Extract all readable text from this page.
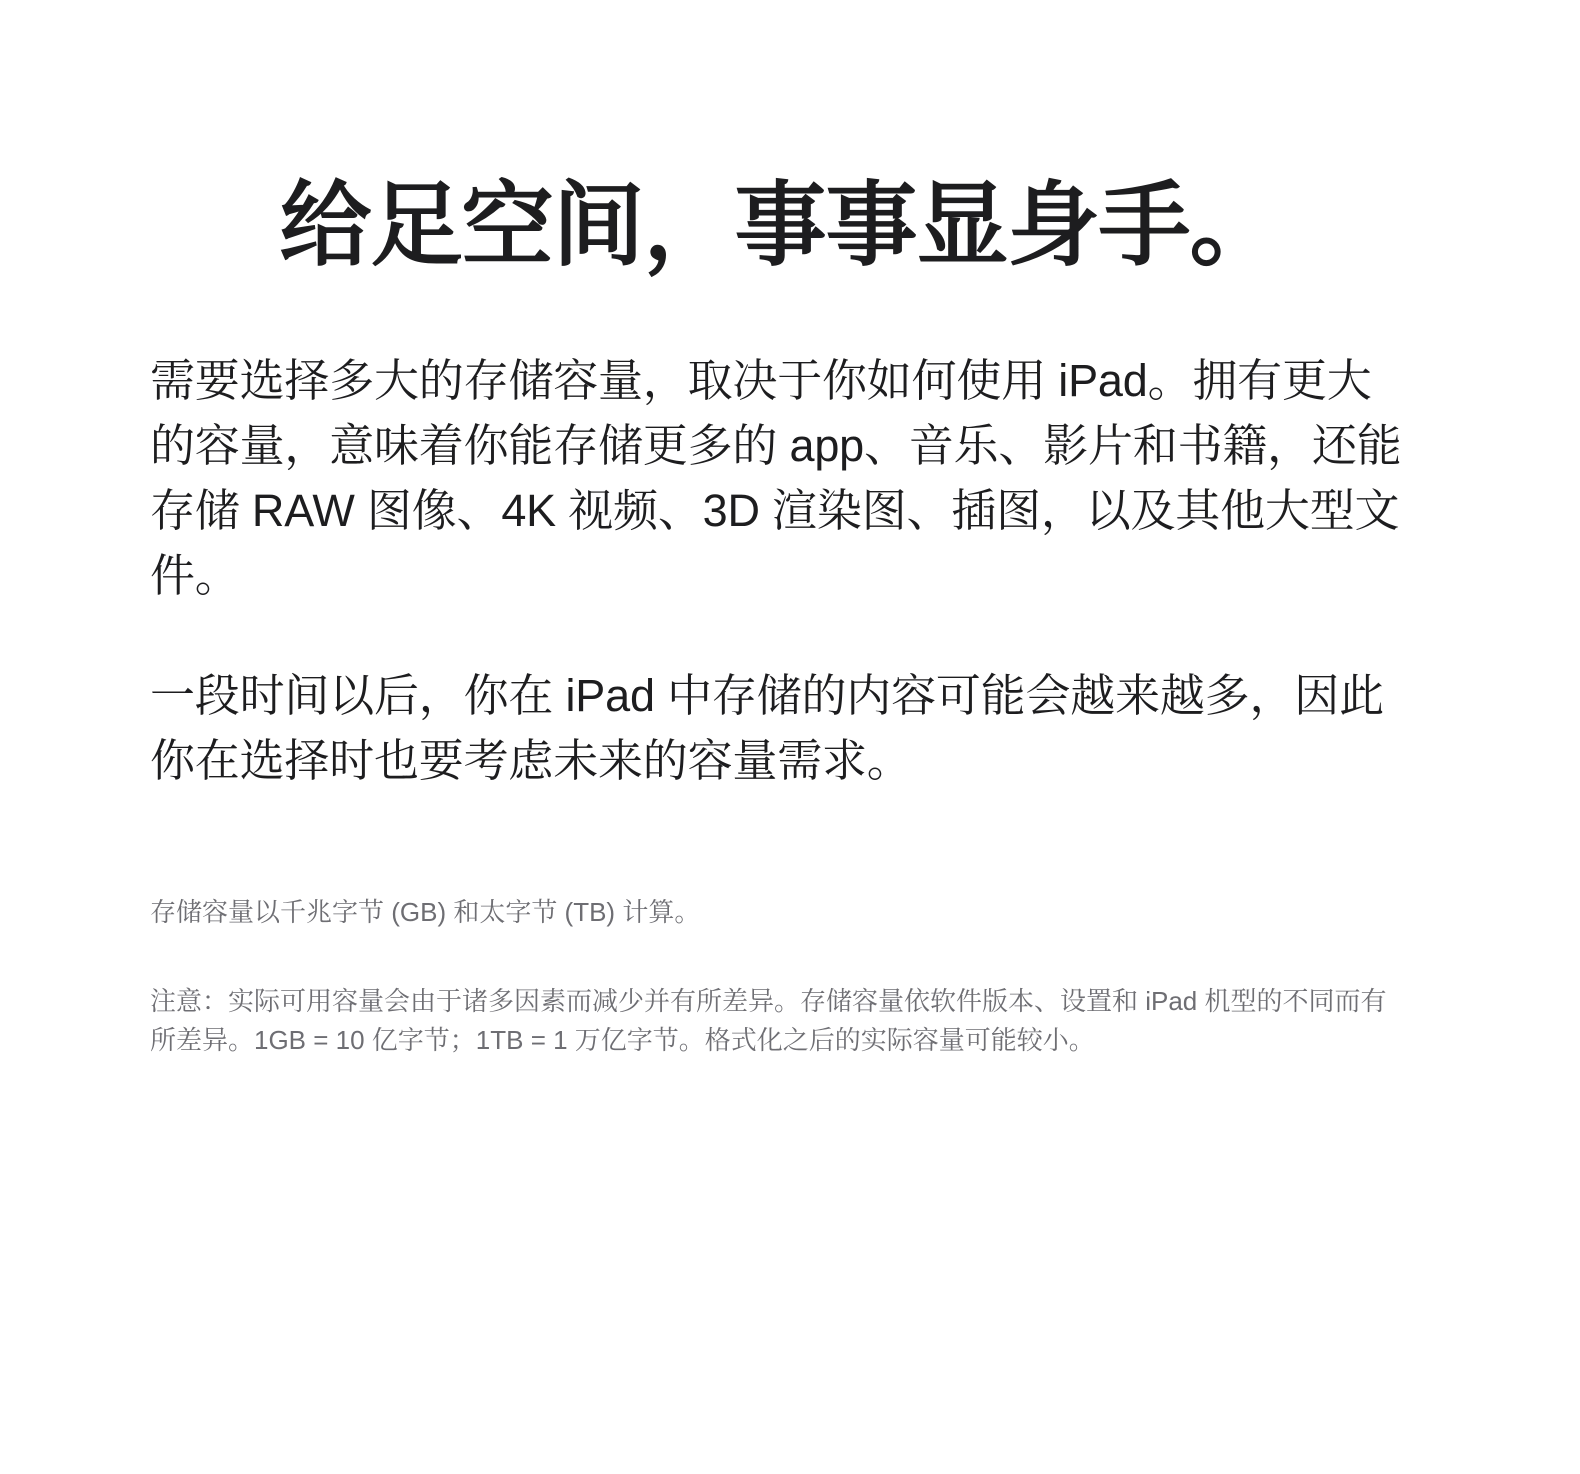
给足空间，事事显身手。

需要选择多大的存储容量，取决于你如何使用 iPad。拥有更大的容量，意味着你能存储更多的 app、音乐、影片和书籍，还能存储 RAW 图像、4K 视频、3D 渲染图、插图，以及其他大型文件。

一段时间以后，你在 iPad 中存储的内容可能会越来越多，因此你在选择时也要考虑未来的容量需求。

存储容量以千兆字节 (GB) 和太字节 (TB) 计算。

注意：实际可用容量会由于诸多因素而减少并有所差异。存储容量依软件版本、设置和 iPad 机型的不同而有所差异。1GB = 10 亿字节；1TB = 1 万亿字节。格式化之后的实际容量可能较小。
